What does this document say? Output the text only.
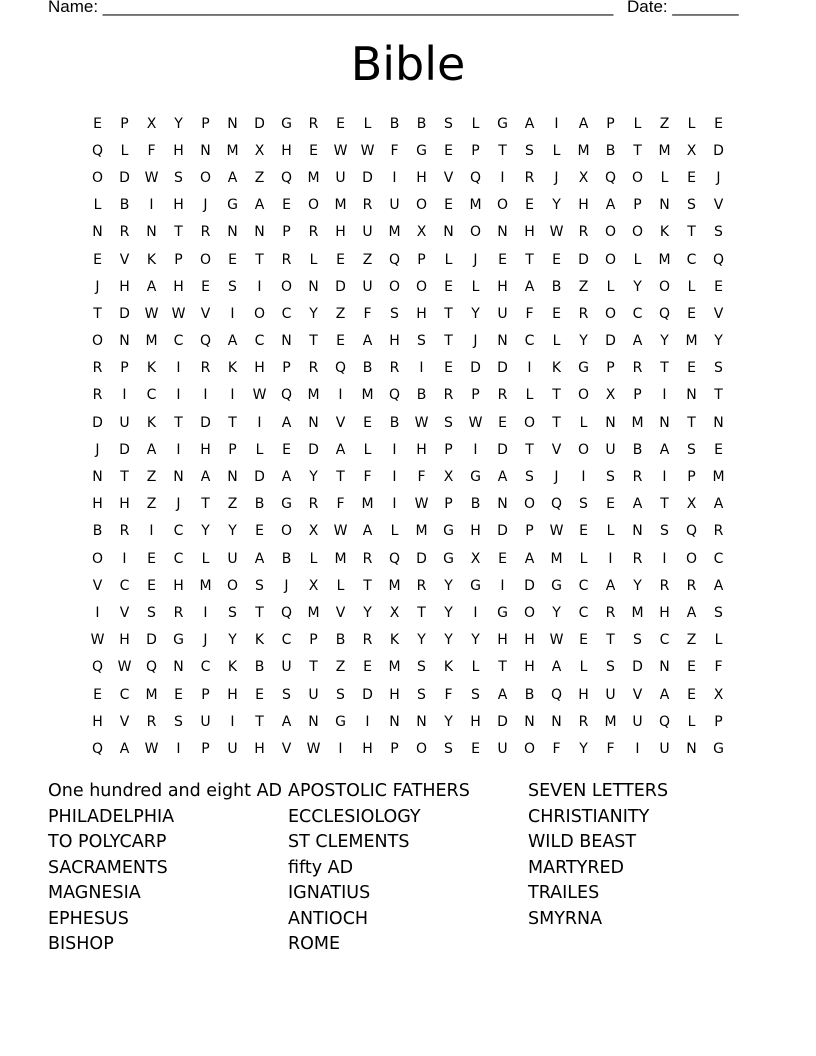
Name: ______________________________________________________ Date: _______
Bible
E	P	X	Y	P	N	D	G	R	E	L	B	B	S	L	G	A	I	A	P	L	Z	L	E
Q	L	F	H	N	M	X	H	E	W W	F	G	E	P	T	S	L	M	B	T	M	X	D
O	D	W	S	O	A	Z	Q	M	U	D	I	H	V	Q	I	R	J	X	Q	O	L	E	J
L	B	I	H	J	G	A	E	O	M	R	U	O	E	M	O	E	Y	H	A	P	N	S	V
N	R	N	T	R	N	N	P	R	H	U	M	X	N	O	N	H	W	R	O	O	K	T	S
E	V	K	P	O	E	T	R	L	E	Z	Q	P	L	J	E	T	E	D	O	L	M	C	Q
J	H	A	H	E	S	I	O	N	D	U	O	O	E	L	H	A	B	Z	L	Y	O	L	E
T	D	W W	V	I	O	C	Y	Z	F	S	H	T	Y	U	F	E	R	O	C	Q	E	V
O	N	M	C	Q	A	C	N	T	E	A	H	S	T	J	N	C	L	Y	D	A	Y	M	Y
R	P	K	I	R	K	H	P	R	Q	B	R	I	E	D	D	I	K	G	P	R	T	E	S
R	I	C	I	I	I	W	Q	M	I	M	Q	B	R	P	R	L	T	O	X	P	I	N	T
D	U	K	T	D	T	I	A	N	V	E	B	W	S	W	E	O	T	L	N	M	N	T	N
J	D	A	I	H	P	L	E	D	A	L	I	H	P	I	D	T	V	O	U	B	A	S	E
N	T	Z	N	A	N	D	A	Y	T	F	I	F	X	G	A	S	J	I	S	R	I	P	M
H	H	Z	J	T	Z	B	G	R	F	M	I	W	P	B	N	O	Q	S	E	A	T	X	A
B	R	I	C	Y	Y	E	O	X	W	A	L	M	G	H	D	P	W	E	L	N	S	Q	R
O	I	E	C	L	U	A	B	L	M	R	Q	D	G	X	E	A	M	L	I	R	I	O	C
V	C	E	H	M	O	S	J	X	L	T	M	R	Y	G	I	D	G	C	A	Y	R	R	A
I	V	S	R	I	S	T	Q	M	V	Y	X	T	Y	I	G	O	Y	C	R	M	H	A	S
W	H	D	G	J	Y	K	C	P	B	R	K	Y	Y	Y	H	H	W	E	T	S	C	Z	L
Q	W	Q	N	C	K	B	U	T	Z	E	M	S	K	L	T	H	A	L	S	D	N	E	F
E	C	M	E	P	H	E	S	U	S	D	H	S	F	S	A	B	Q	H	U	V	A	E	X
H	V	R	S	U	I	T	A	N	G	I	N	N	Y	H	D	N	N	R	M	U	Q	L	P
Q	A	W	I	P	U	H	V	W	I	H	P	O	S	E	U	O	F	Y	F	I	U	N	G
One hundred and eight AD
PHILADELPHIA
TO POLYCARP
SACRAMENTS
MAGNESIA
EPHESUS
BISHOP
APOSTOLIC FATHERS
ECCLESIOLOGY
ST CLEMENTS
fifty AD
IGNATIUS
ANTIOCH
ROME
SEVEN LETTERS
CHRISTIANITY
WILD BEAST
MARTYRED
TRAILES
SMYRNA
